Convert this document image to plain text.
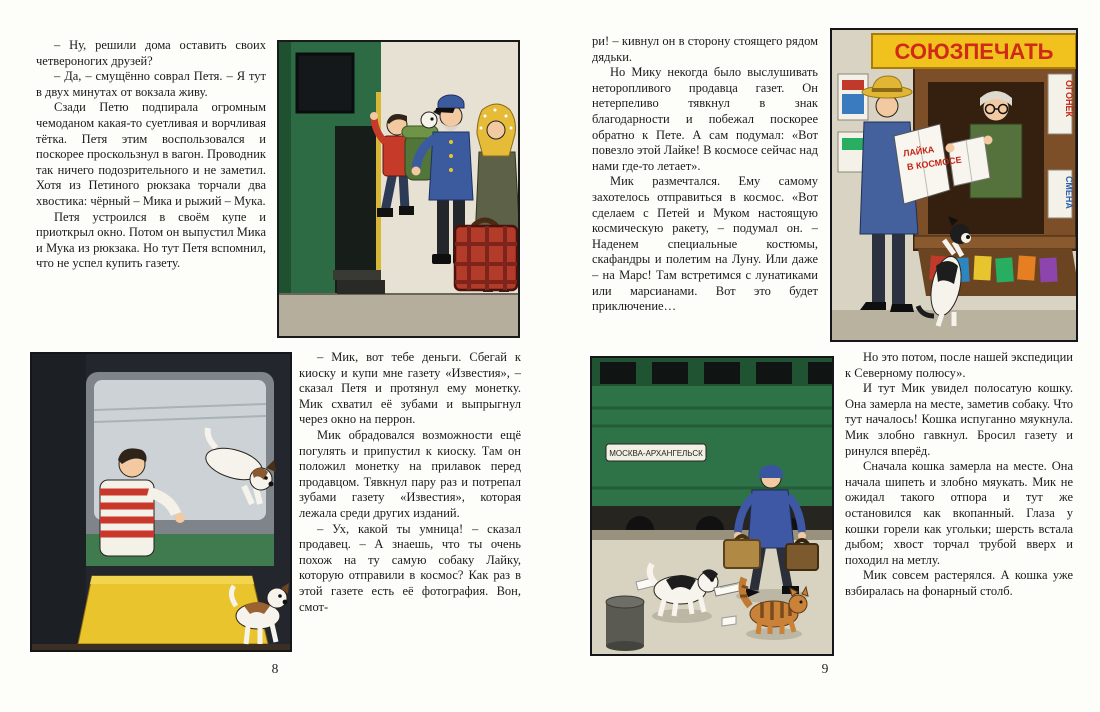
– Ну, решили дома оставить своих четвероногих друзей?

– Да, – смущённо соврал Петя. – Я тут в двух минутах от вокзала живу.

Сзади Петю подпирала огромным чемоданом какая-то суетливая и ворчливая тётка. Петя этим воспользовался и поскорее проскользнул в вагон. Проводник так ничего подозрительного и не заметил. Хотя из Петиного рюкзака торчали два хвостика: чёрный – Мика и рыжий – Мука.

Петя устроился в своём купе и приоткрыл окно. Потом он выпустил Мика и Мука из рюкзака. Но тут Петя вспомнил, что не успел купить газету.

– Мик, вот тебе деньги. Сбегай к киоску и купи мне газету «Известия», – сказал Петя и протянул ему монетку. Мик схватил её зубами и выпрыгнул через окно на перрон.

Мик обрадовался возможности ещё погулять и припустил к киоску. Там он положил монетку на прилавок перед продавцом. Тявкнул пару раз и потрепал зубами газету «Известия», которая лежала среди других изданий.

– Ух, какой ты умница! – сказал продавец. – А знаешь, что ты очень похож на ту самую собаку Лайку, которую отправили в космос? Как раз в этой газете есть её фотография. Вон, смот-

8

ри! – кивнул он в сторону стоящего рядом дядьки.

Но Мику некогда было выслушивать неторопливого продавца газет. Он нетерпеливо тявкнул в знак благодарности и побежал поскорее обратно к Пете. А сам подумал: «Вот повезло этой Лайке! В космосе сейчас над нами где-то летает».

Мик размечтался. Ему самому захотелось отправиться в космос. «Вот сделаем с Петей и Муком настоящую космическую ракету, – подумал он. – Наденем специальные костюмы, скафандры и полетим на Луну. Или даже – на Марс! Там встретимся с лунатиками или марсианами. Вот это будет приключение…

ОГОНЁК
СМЕНА
СОЮЗПЕЧАТЬ
ЛАЙКА
В КОСМОСЕ
МОСКВА-АРХАНГЕЛЬСК

Но это потом, после нашей экспедиции к Северному полюсу».

И тут Мик увидел полосатую кошку. Она замерла на месте, заметив собаку. Что тут началось! Кошка испуганно мяукнула. Мик злобно гавкнул. Бросил газету и ринулся вперёд.

Сначала кошка замерла на месте. Она начала шипеть и злобно мяукать. Мик не ожидал такого отпора и тут же остановился как вкопанный. Глаза у кошки горели как угольки; шерсть встала дыбом; хвост торчал трубой вверх и походил на метлу.

Мик совсем растерялся. А кошка уже взбиралась на фонарный столб.

9
